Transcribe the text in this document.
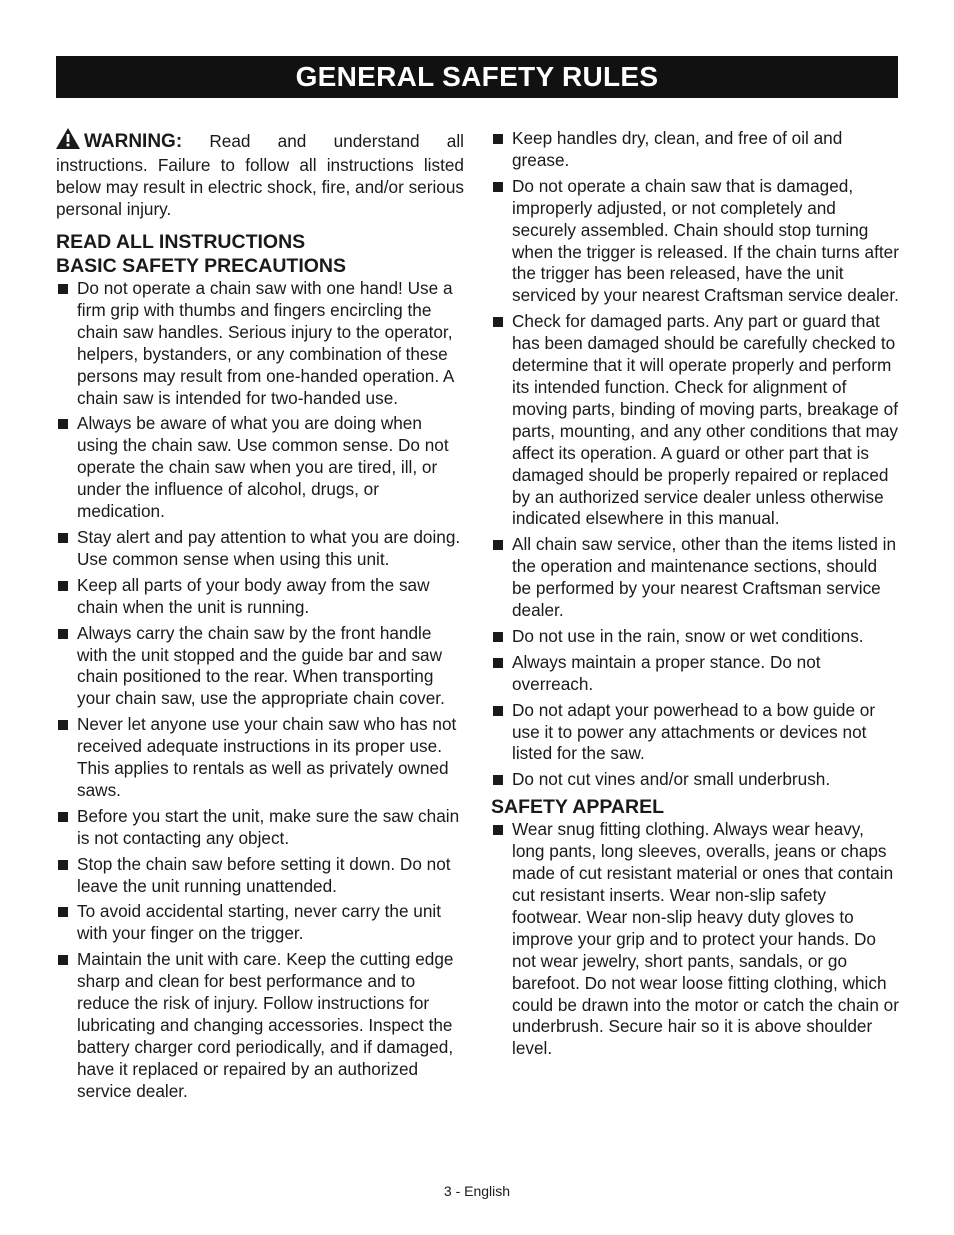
GENERAL SAFETY RULES

WARNING: Read and understand all instructions. Failure to follow all instructions listed below may result in electric shock, fire, and/or serious personal injury.

READ ALL INSTRUCTIONS
BASIC SAFETY PRECAUTIONS
Do not operate a chain saw with one hand! Use a firm grip with thumbs and fingers encircling the chain saw handles. Serious injury to the operator, helpers, bystanders, or any combination of these persons may result from one-handed operation. A chain saw is intended for two-handed use.
Always be aware of what you are doing when using the chain saw. Use common sense. Do not operate the chain saw when you are tired, ill, or under the influence of alcohol, drugs, or medication.
Stay alert and pay attention to what you are doing. Use common sense when using this unit.
Keep all parts of your body away from the saw chain when the unit is running.
Always carry the chain saw by the front handle with the unit stopped and the guide bar and saw chain positioned to the rear. When transporting your chain saw, use the appropriate chain cover.
Never let anyone use your chain saw who has not received adequate instructions in its proper use. This applies to rentals as well as privately owned saws.
Before you start the unit, make sure the saw chain is not contacting any object.
Stop the chain saw before setting it down. Do not leave the unit running unattended.
To avoid accidental starting, never carry the unit with your finger on the trigger.
Maintain the unit with care. Keep the cutting edge sharp and clean for best performance and to reduce the risk of injury. Follow instructions for lubricating and changing accessories. Inspect the battery charger cord periodically, and if damaged, have it replaced or repaired by an authorized service dealer.
Keep handles dry, clean, and free of oil and grease.
Do not operate a chain saw that is damaged, improperly adjusted, or not completely and securely assembled. Chain should stop turning when the trigger is released. If the chain turns after the trigger has been released, have the unit serviced by your nearest Craftsman service dealer.
Check for damaged parts. Any part or guard that has been damaged should be carefully checked to determine that it will operate properly and perform its intended function. Check for alignment of moving parts, binding of moving parts, breakage of parts, mounting, and any other conditions that may affect its operation. A guard or other part that is damaged should be properly repaired or replaced by an authorized service dealer unless otherwise indicated elsewhere in this manual.
All chain saw service, other than the items listed in the operation and maintenance sections, should be performed by your nearest Craftsman service dealer.
Do not use in the rain, snow or wet conditions.
Always maintain a proper stance. Do not overreach.
Do not adapt your powerhead to a bow guide or use it to power any attachments or devices not listed for the saw.
Do not cut vines and/or small underbrush.
SAFETY APPAREL
Wear snug fitting clothing. Always wear heavy, long pants, long sleeves, overalls, jeans or chaps made of cut resistant material or ones that contain cut resistant inserts. Wear non-slip safety footwear. Wear non-slip heavy duty gloves to improve your grip and to protect your hands. Do not wear jewelry, short pants, sandals, or go barefoot. Do not wear loose fitting clothing, which could be drawn into the motor or catch the chain or underbrush. Secure hair so it is above shoulder level.
3 - English
